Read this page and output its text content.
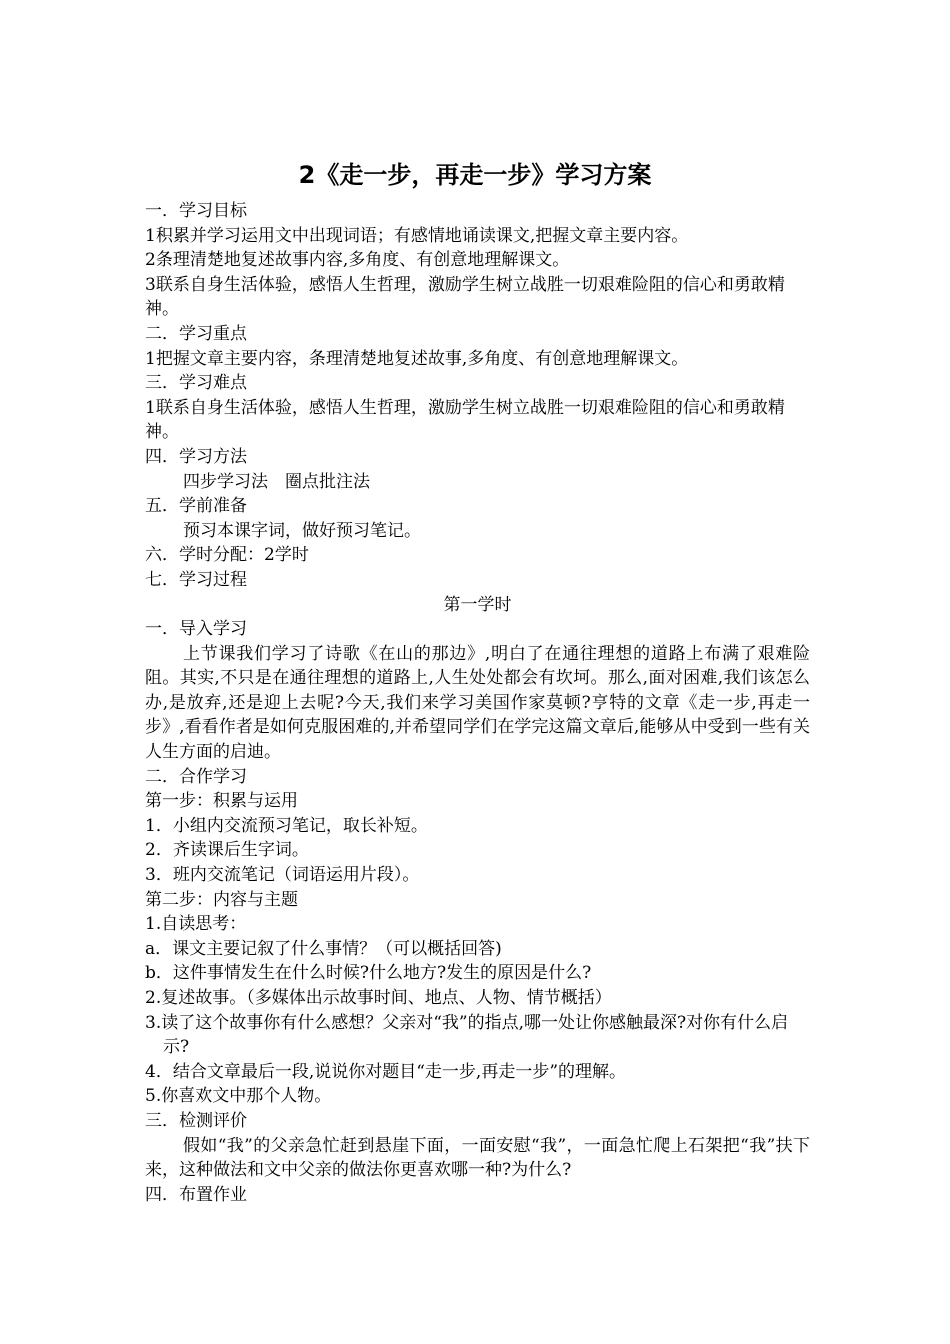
2《走一步，再走一步》学习方案
一．学习目标
1积累并学习运用文中出现词语；有感情地诵读课文,把握文章主要内容。
2条理清楚地复述故事内容,多角度、有创意地理解课文。
3联系自身生活体验，感悟人生哲理，激励学生树立战胜一切艰难险阻的信心和勇敢精神。
二．学习重点
1把握文章主要内容，条理清楚地复述故事,多角度、有创意地理解课文。
三．学习难点
1联系自身生活体验，感悟人生哲理，激励学生树立战胜一切艰难险阻的信心和勇敢精神。
四．学习方法
四步学习法　圈点批注法
五．学前准备
预习本课字词，做好预习笔记。
六．学时分配：2学时
七．学习过程
第一学时
一．导入学习
上节课我们学习了诗歌《在山的那边》,明白了在通往理想的道路上布满了艰难险阻。其实,不只是在通往理想的道路上,人生处处都会有坎坷。那么,面对困难,我们该怎么办,是放弃,还是迎上去呢?今天,我们来学习美国作家莫顿?亨特的文章《走一步,再走一步》,看看作者是如何克服困难的,并希望同学们在学完这篇文章后,能够从中受到一些有关人生方面的启迪。
二．合作学习
第一步：积累与运用
1．小组内交流预习笔记，取长补短。
2．齐读课后生字词。
3．班内交流笔记（词语运用片段）。
第二步：内容与主题
1.自读思考：
a．课文主要记叙了什么事情？（可以概括回答)
b．这件事情发生在什么时候?什么地方?发生的原因是什么?
2.复述故事。（多媒体出示故事时间、地点、人物、情节概括）
3.读了这个故事你有什么感想？父亲对“我”的指点,哪一处让你感触最深?对你有什么启示?
4．结合文章最后一段,说说你对题目“走一步,再走一步”的理解。
5.你喜欢文中那个人物。
三．检测评价
假如“我”的父亲急忙赶到悬崖下面，一面安慰“我”，一面急忙爬上石架把“我”扶下来，这种做法和文中父亲的做法你更喜欢哪一种?为什么?
四．布置作业
